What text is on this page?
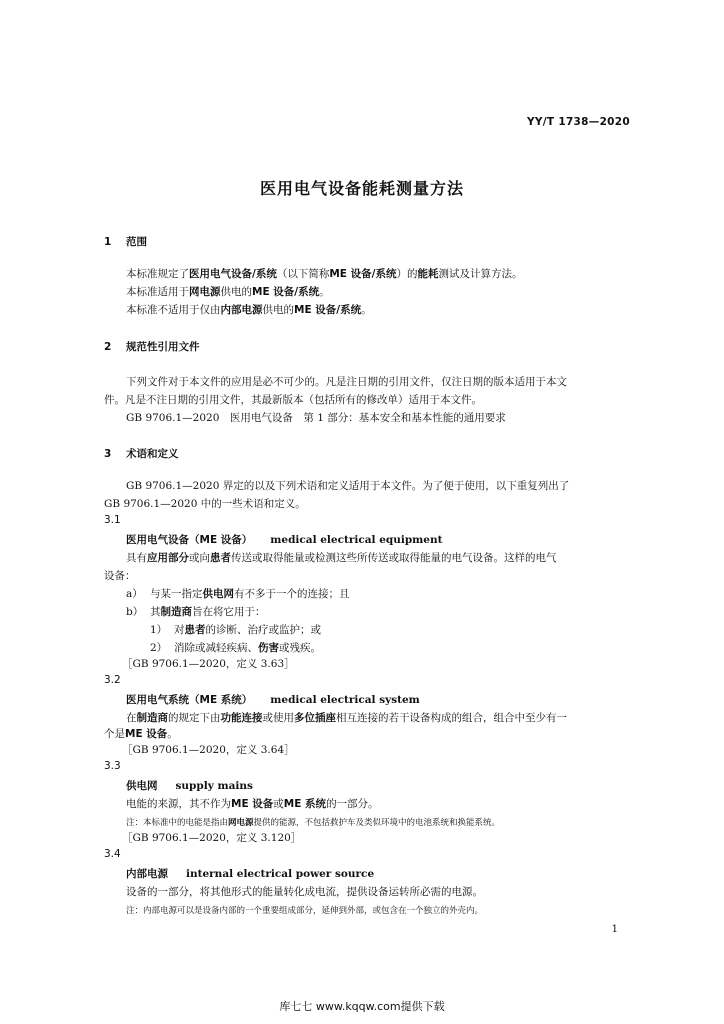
YY/T 1738—2020
医用电气设备能耗测量方法
1 范围
本标准规定了医用电气设备/系统（以下简称ME 设备/系统）的能耗测试及计算方法。
本标准适用于网电源供电的ME 设备/系统。
本标准不适用于仅由内部电源供电的ME 设备/系统。
2 规范性引用文件
下列文件对于本文件的应用是必不可少的。凡是注日期的引用文件，仅注日期的版本适用于本文
件。凡是不注日期的引用文件，其最新版本（包括所有的修改单）适用于本文件。
GB 9706.1—2020　医用电气设备　第 1 部分：基本安全和基本性能的通用要求
3 术语和定义
GB 9706.1—2020 界定的以及下列术语和定义适用于本文件。为了便于使用，以下重复列出了
GB 9706.1—2020 中的一些术语和定义。
3.1
医用电气设备（ME 设备） medical electrical equipment
具有应用部分或向患者传送或取得能量或检测这些所传送或取得能量的电气设备。这样的电气
设备：
a） 与某一指定供电网有不多于一个的连接；且
b） 其制造商旨在将它用于：
1） 对患者的诊断、治疗或监护；或
2） 消除或减轻疾病、伤害或残疾。
［GB 9706.1—2020，定义 3.63］
3.2
医用电气系统（ME 系统） medical electrical system
在制造商的规定下由功能连接或使用多位插座相互连接的若干设备构成的组合，组合中至少有一
个是ME 设备。
［GB 9706.1—2020，定义 3.64］
3.3
供电网 supply mains
电能的来源，其不作为ME 设备或ME 系统的一部分。
注：本标准中的电能是指由网电源提供的能源，不包括救护车及类似环境中的电池系统和换能系统。
［GB 9706.1—2020，定义 3.120］
3.4
内部电源 internal electrical power source
设备的一部分，将其他形式的能量转化成电流，提供设备运转所必需的电源。
注：内部电源可以是设备内部的一个重要组成部分，延伸到外部，或包含在一个独立的外壳内。
1
库七七 www.kqqw.com提供下载
